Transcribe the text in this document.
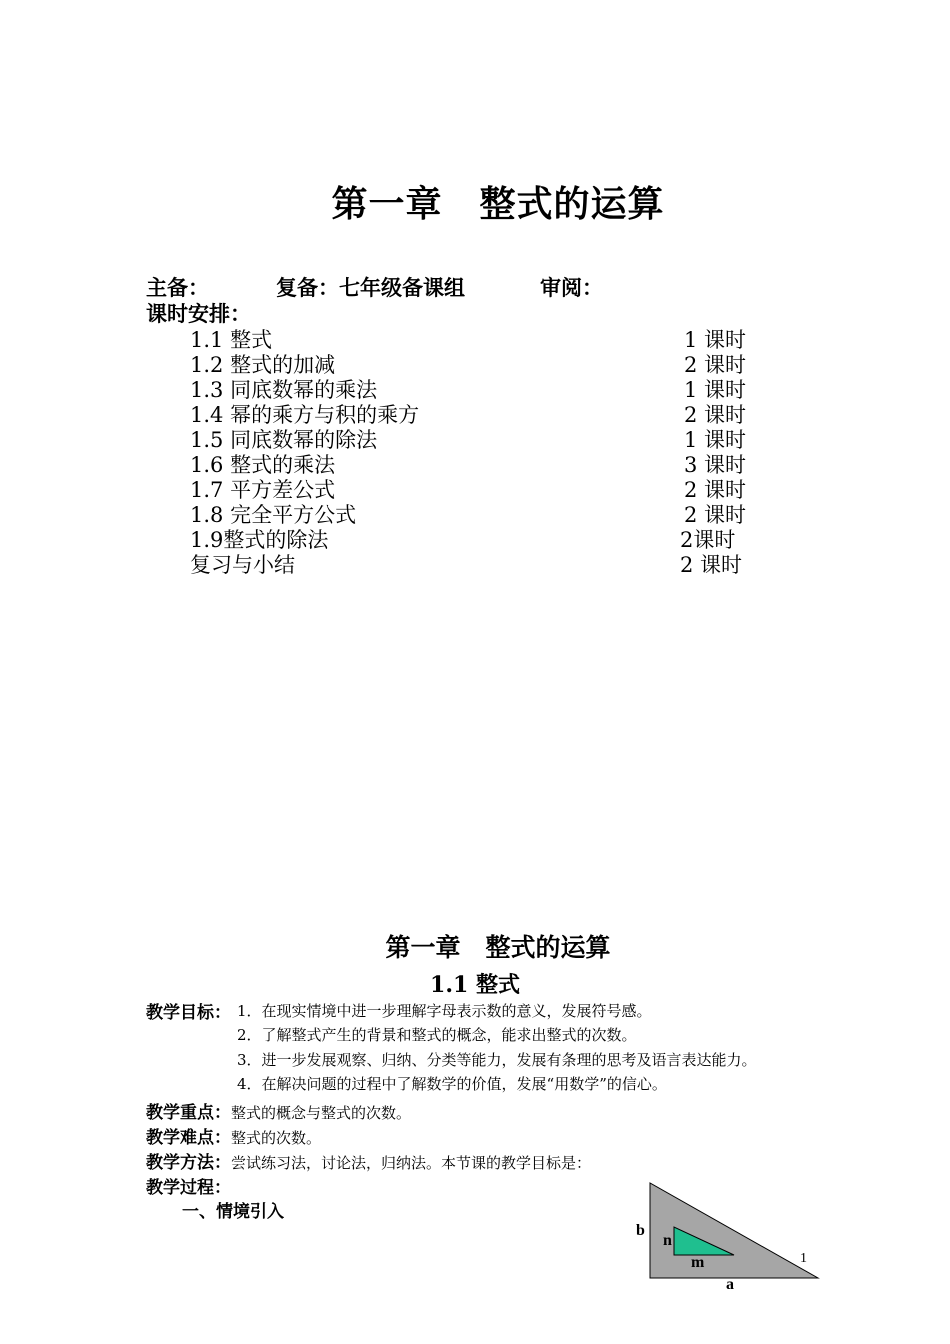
第一章　整式的运算
主备：	复备：七年级备课组	审阅：
课时安排：
1.1 整式	1 课时
1.2 整式的加减	2 课时
1.3 同底数幂的乘法	1 课时
1.4 幂的乘方与积的乘方	2 课时
1.5 同底数幂的除法	1 课时
1.6 整式的乘法	3 课时
1.7 平方差公式	2 课时
1.8 完全平方公式	2 课时
1.9整式的除法	2课时
复习与小结	2 课时
第一章　整式的运算
1.1 整式
教学目标： 1．在现实情境中进一步理解字母表示数的意义，发展符号感。
2．了解整式产生的背景和整式的概念，能求出整式的次数。
3．进一步发展观察、归纳、分类等能力，发展有条理的思考及语言表达能力。
4．在解决问题的过程中了解数学的价值，发展“用数学”的信心。
教学重点：整式的概念与整式的次数。
教学难点：整式的次数。
教学方法：尝试练习法，讨论法，归纳法。本节课的教学目标是：
教学过程：
一、情境引入
b
n
m
a
1
